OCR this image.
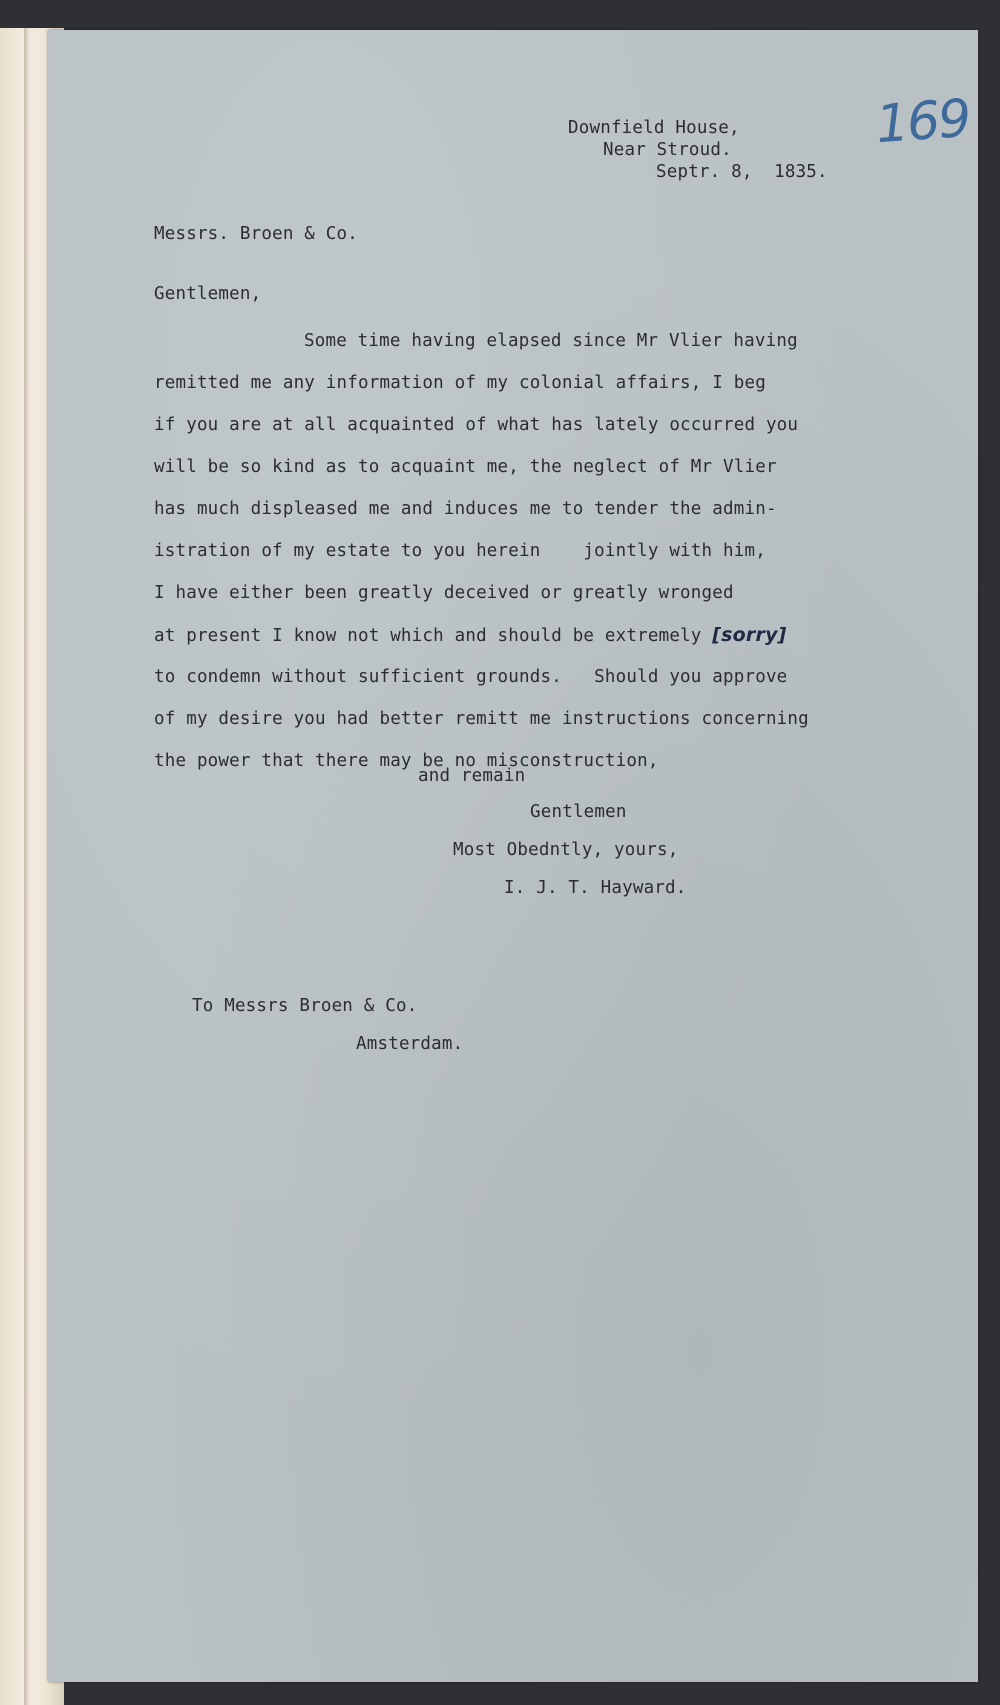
169

Downfield House,

Near Stroud.

Septr. 8,  1835.

Messrs. Broen & Co.

Gentlemen,

Some time having elapsed since Mr Vlier having
remitted me any information of my colonial affairs, I beg
if you are at all acquainted of what has lately occurred you
will be so kind as to acquaint me, the neglect of Mr Vlier
has much displeased me and induces me to tender the admin-
istration of my estate to you herein    jointly with him,
I have either been greatly deceived or greatly wronged
at present I know not which and should be extremely [sorry]
to condemn without sufficient grounds.   Should you approve
of my desire you had better remitt me instructions concerning
the power that there may be no misconstruction,

and remain

Gentlemen

Most Obedntly, yours,

I. J. T. Hayward.

To Messrs Broen & Co.

Amsterdam.
